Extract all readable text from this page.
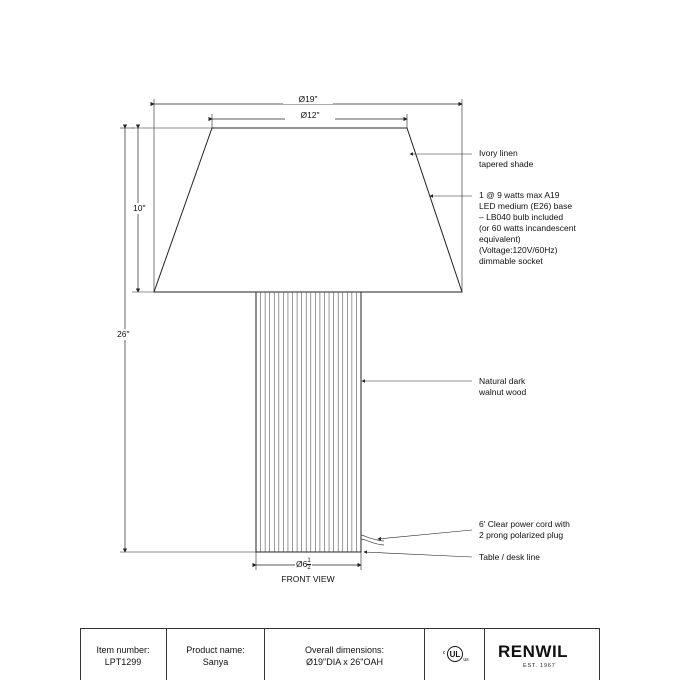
Ø19"
Ø12"
10"
26"
Ø6 $\frac{1}{2}$
FRONT VIEW
Ivory linen
tapered shade
1 @ 9 watts max A19
LED medium (E26) base
– LB040 bulb included
(or 60 watts incandescent
equivalent)
(Voltage:120V/60Hz)
dimmable socket
Natural dark
walnut wood
6' Clear power cord with
2 prong polarized plug
Table / desk line
Item number:
LPT1299
Product name:
Sanya
Overall dimensions:
Ø19"DIA x 26"OAH
UL
c
us RENWIL
EST. 1967
